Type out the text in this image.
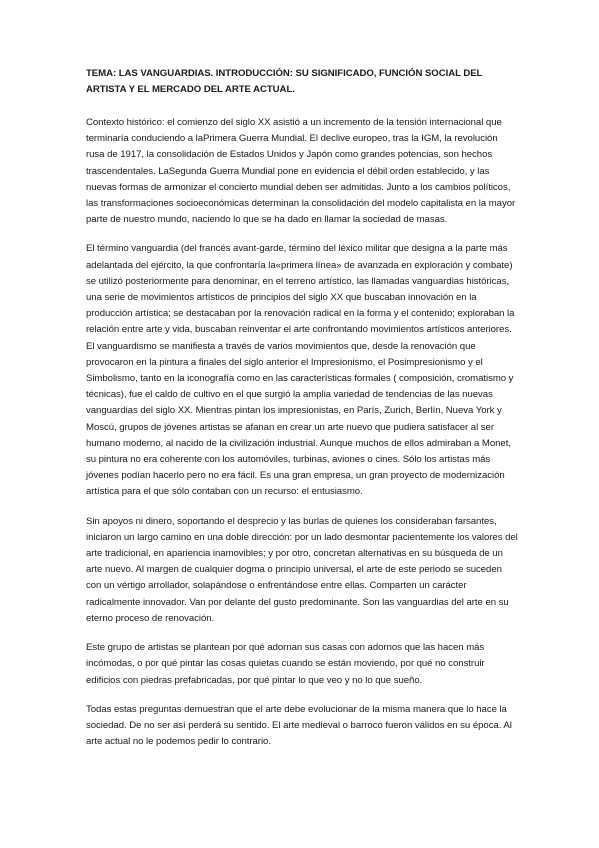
TEMA: LAS VANGUARDIAS. INTRODUCCIÓN: SU SIGNIFICADO, FUNCIÓN SOCIAL DEL ARTISTA Y EL MERCADO DEL ARTE ACTUAL.

Contexto histórico: el comienzo del siglo XX asistió a un incremento de la tensión internacional que terminaría conduciendo a laPrimera Guerra Mundial. El declive europeo, tras la IGM, la revolución rusa de 1917, la consolidación de Estados Unidos y Japón como grandes potencias, son hechos trascendentales. LaSegunda Guerra Mundial pone en evidencia el débil orden establecido, y las nuevas formas de armonizar el concierto mundial deben ser admitidas. Junto a los cambios políticos, las transformaciones socioeconómicas determinan la consolidación del modelo capitalista en la mayor parte de nuestro mundo, naciendo lo que se ha dado en llamar la sociedad de masas.

El término vanguardia (del francés avant-garde, término del léxico militar que designa a la parte más adelantada del ejército, la que confrontaría la«primera línea» de avanzada en exploración y combate) se utilizó posteriormente para denominar, en el terreno artístico, las llamadas vanguardias históricas, una serie de movimientos artísticos de principios del siglo XX que buscaban innovación en la producción artística; se destacaban por la renovación radical en la forma y el contenido; exploraban la relación entre arte y vida, buscaban reinventar el arte confrontando movimientos artísticos anteriores. El vanguardismo se manifiesta a través de varios movimientos que, desde la renovación que provocaron en la pintura a finales del siglo anterior el Impresionismo, el Posimpresionismo y el Simbolismo, tanto en la iconografía como en las características formales ( composición, cromatismo y técnicas), fue el caldo de cultivo en el que surgió la amplia variedad de tendencias de las nuevas vanguardias del siglo XX. Mientras pintan los impresionistas, en París, Zurich, Berlín, Nueva York y Moscú, grupos de jóvenes artistas se afanan en crear un arte nuevo que pudiera satisfacer al ser humano moderno, al nacido de la civilización industrial. Aunque muchos de ellos admiraban a Monet, su pintura no era coherente con los automóviles, turbinas, aviones o cines. Sólo los artistas más jóvenes podían hacerlo pero no era fácil. Es una gran empresa, un gran proyecto de modernización artística para el que sólo contaban con un recurso: el entusiasmo.

Sin apoyos ni dinero, soportando el desprecio y las burlas de quienes los consideraban farsantes, iniciaron un largo camino en una doble dirección: por un lado desmontar pacientemente los valores del arte tradicional, en apariencia inamovibles; y por otro, concretan alternativas en su búsqueda de un arte nuevo. Al margen de cualquier dogma o principio universal, el arte de este periodo se suceden con un vértigo arrollador, solapándose o enfrentándose entre ellas. Comparten un carácter radicalmente innovador. Van por delante del gusto predominante. Son las vanguardias del arte en su eterno proceso de renovación.

Este grupo de artistas se plantean por qué adornan sus casas con adornos que las hacen más incómodas, o por qué pintar las cosas quietas cuando se están moviendo, por qué no construir edificios con piedras prefabricadas, por qué pintar lo que veo y no lo que sueño.

Todas estas preguntas demuestran que el arte debe evolucionar de la misma manera que lo hace la sociedad. De no ser así perderá su sentido. El arte medieval o barroco fueron válidos en su época. Al arte actual no le podemos pedir lo contrario.
